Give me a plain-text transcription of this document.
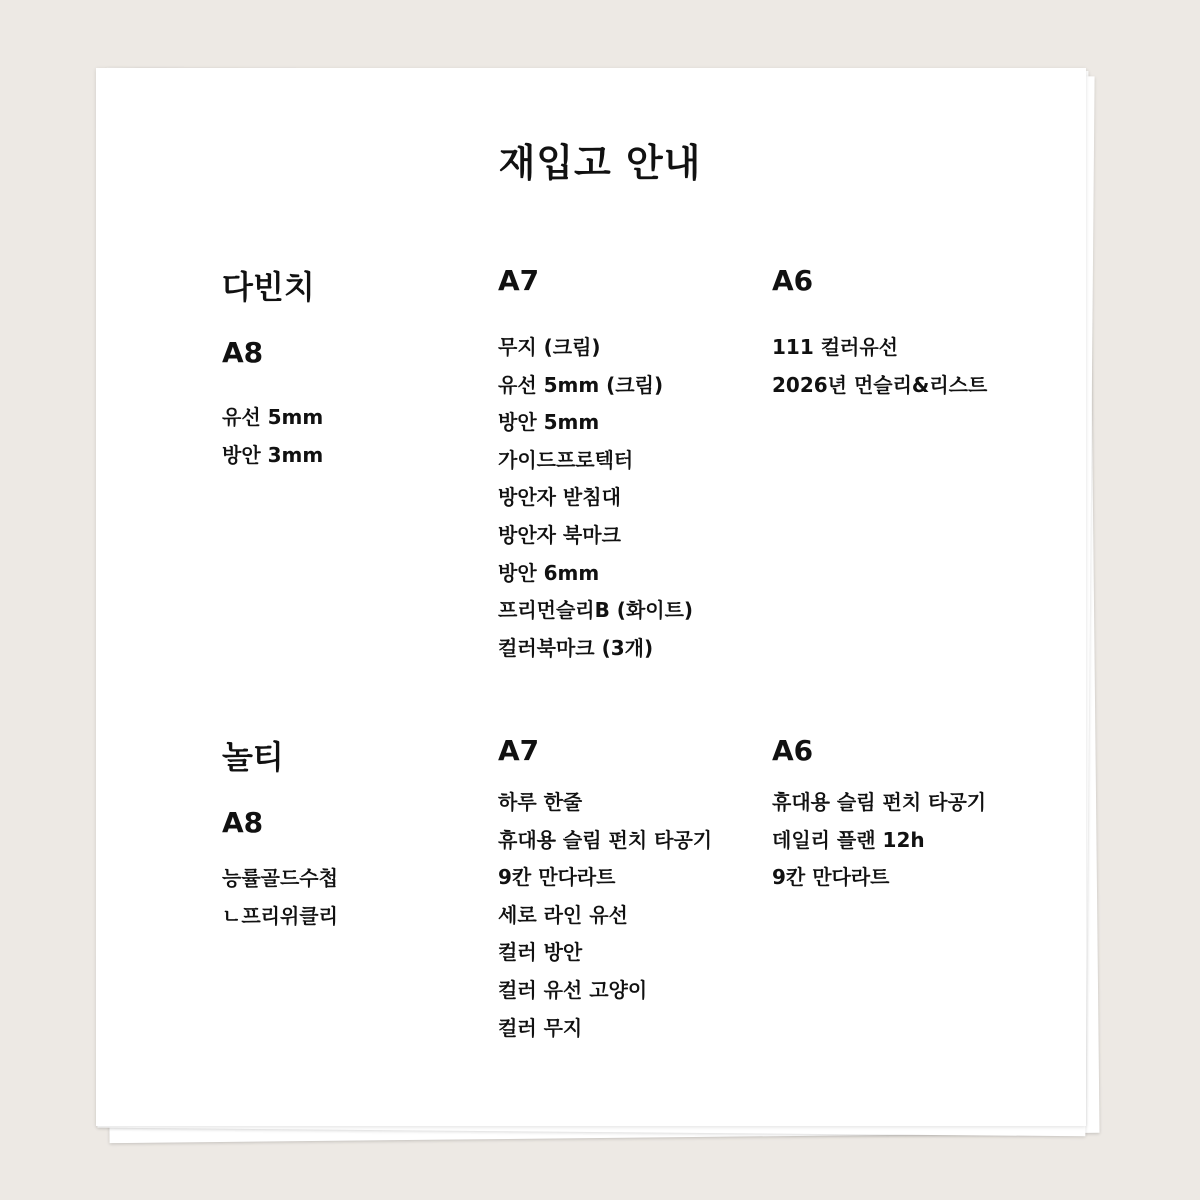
재입고 안내
다빈치
A8
유선 5mm
방안 3mm
A7
무지 (크림)
유선 5mm (크림)
방안 5mm
가이드프로텍터
방안자 받침대
방안자 북마크
방안 6mm
프리먼슬리B (화이트)
컬러북마크 (3개)
A6
111 컬러유선
2026년 먼슬리&리스트
놀티
A8
능률골드수첩
ㄴ프리위클리
A7
하루 한줄
휴대용 슬림 펀치 타공기
9칸 만다라트
세로 라인 유선
컬러 방안
컬러 유선 고양이
컬러 무지
A6
휴대용 슬림 펀치 타공기
데일리 플랜 12h
9칸 만다라트
